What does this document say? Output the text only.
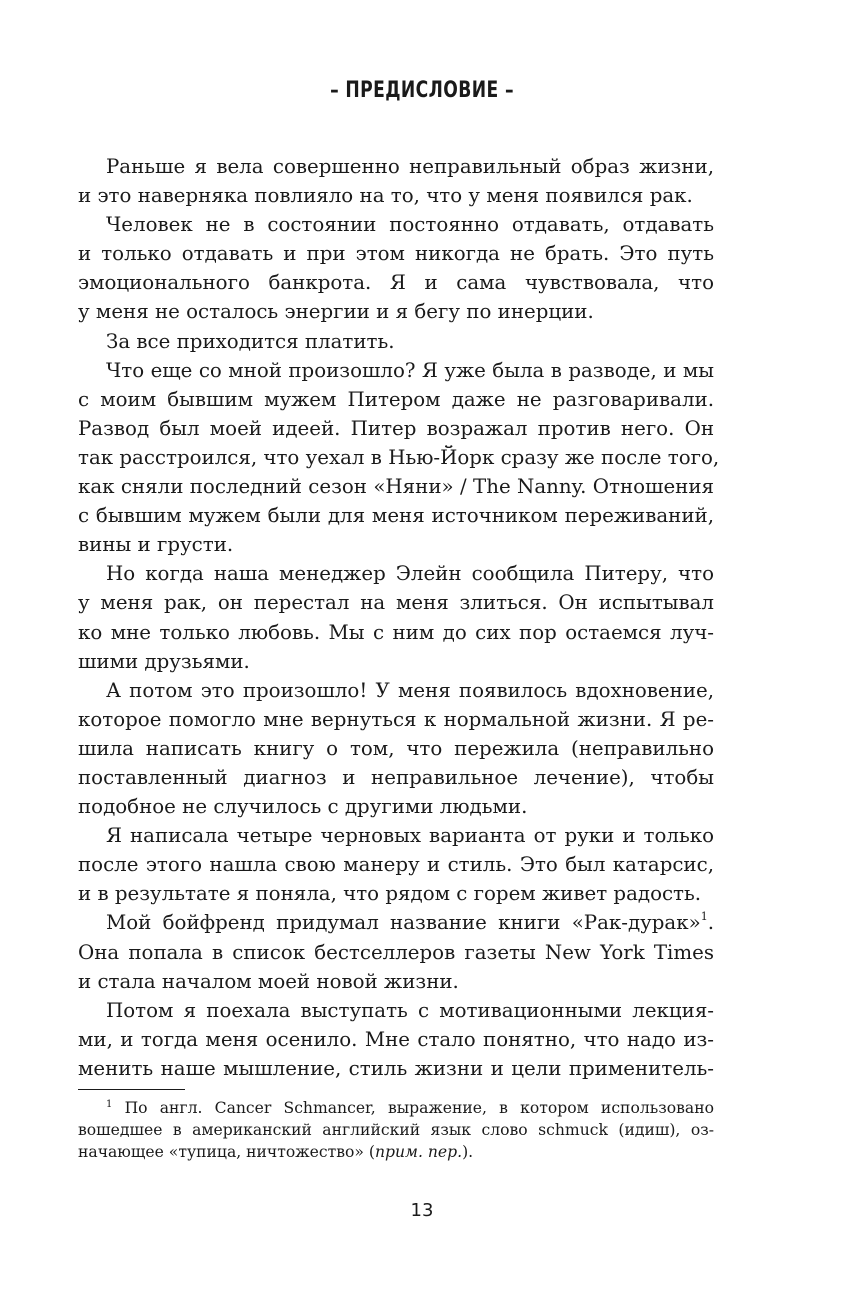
– ПРЕДИСЛОВИЕ –
Раньше я вела совершенно неправильный образ жизни,
и это наверняка повлияло на то, что у меня появился рак.
Человек не в состоянии постоянно отдавать, отдавать
и только отдавать и при этом никогда не брать. Это путь
эмоционального банкрота. Я и сама чувствовала, что
у меня не осталось энергии и я бегу по инерции.
За все приходится платить.
Что еще со мной произошло? Я уже была в разводе, и мы
с моим бывшим мужем Питером даже не разговаривали.
Развод был моей идеей. Питер возражал против него. Он
так расстроился, что уехал в Нью-Йорк сразу же после того,
как сняли последний сезон «Няни» / The Nanny. Отношения
с бывшим мужем были для меня источником переживаний,
вины и грусти.
Но когда наша менеджер Элейн сообщила Питеру, что
у меня рак, он перестал на меня злиться. Он испытывал
ко мне только любовь. Мы с ним до сих пор остаемся луч-
шими друзьями.
А потом это произошло! У меня появилось вдохновение,
которое помогло мне вернуться к нормальной жизни. Я ре-
шила написать книгу о том, что пережила (неправильно
поставленный диагноз и неправильное лечение), чтобы
подобное не случилось с другими людьми.
Я написала четыре черновых варианта от руки и только
после этого нашла свою манеру и стиль. Это был катарсис,
и в результате я поняла, что рядом с горем живет радость.
Мой бойфренд придумал название книги «Рак-дурак»$^1$.
Она попала в список бестселлеров газеты New York Times
и стала началом моей новой жизни.
Потом я поехала выступать с мотивационными лекция-
ми, и тогда меня осенило. Мне стало понятно, что надо из-
менить наше мышление, стиль жизни и цели применитель-
$^1$ По англ. Cancer Schmancer, выражение, в котором использовано
вошедшее в американский английский язык слово schmuck (идиш), оз-
начающее «тупица, ничтожество» (прим. пер.).
13
